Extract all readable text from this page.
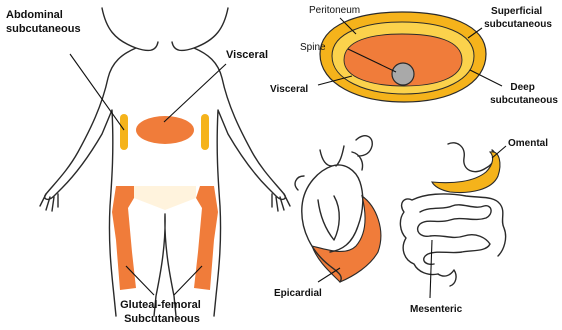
Abdominal subcutaneous
Visceral
Gluteal-femoral Subcutaneous
Peritoneum
Spine
Visceral
Superficial subcutaneous
Deep subcutaneous
Epicardial
Omental
Mesenteric
